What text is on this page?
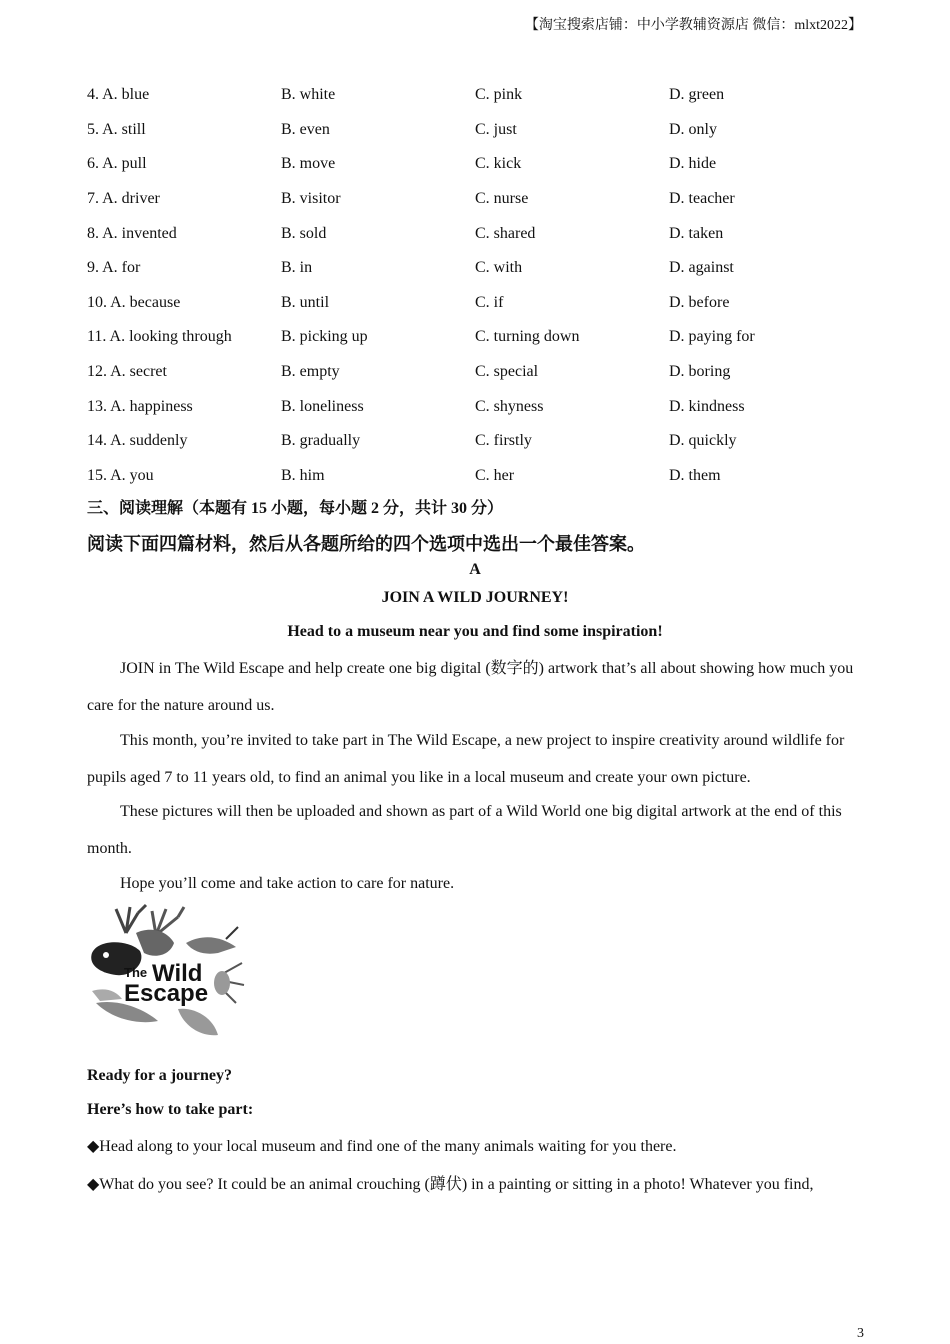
【淘宝搜索店铺：中小学教辅资源店 微信：mlxt2022】
4. A. blue	B. white	C. pink	D. green
5. A. still	B. even	C. just	D. only
6. A. pull	B. move	C. kick	D. hide
7. A. driver	B. visitor	C. nurse	D. teacher
8. A. invented	B. sold	C. shared	D. taken
9. A. for	B. in	C. with	D. against
10. A. because	B. until	C. if	D. before
11. A. looking through	B. picking up	C. turning down	D. paying for
12. A. secret	B. empty	C. special	D. boring
13. A. happiness	B. loneliness	C. shyness	D. kindness
14. A. suddenly	B. gradually	C. firstly	D. quickly
15. A. you	B. him	C. her	D. them
三、阅读理解（本题有 15 小题，每小题 2 分，共计 30 分）
阅读下面四篇材料，然后从各题所给的四个选项中选出一个最佳答案。
A
JOIN A WILD JOURNEY!
Head to a museum near you and find some inspiration!

JOIN in The Wild Escape and help create one big digital (数字的) artwork that’s all about showing how much you care for the nature around us.

This month, you’re invited to take part in The Wild Escape, a new project to inspire creativity around wildlife for pupils aged 7 to 11 years old, to find an animal you like in a local museum and create your own picture.

These pictures will then be uploaded and shown as part of a Wild World one big digital artwork at the end of this month.

Hope you’ll come and take action to care for nature.

The Wild
Escape

Ready for a journey?

Here’s how to take part:

◆Head along to your local museum and find one of the many animals waiting for you there.

◆What do you see? It could be an animal crouching (蹲伏) in a painting or sitting in a photo! Whatever you find,

3
